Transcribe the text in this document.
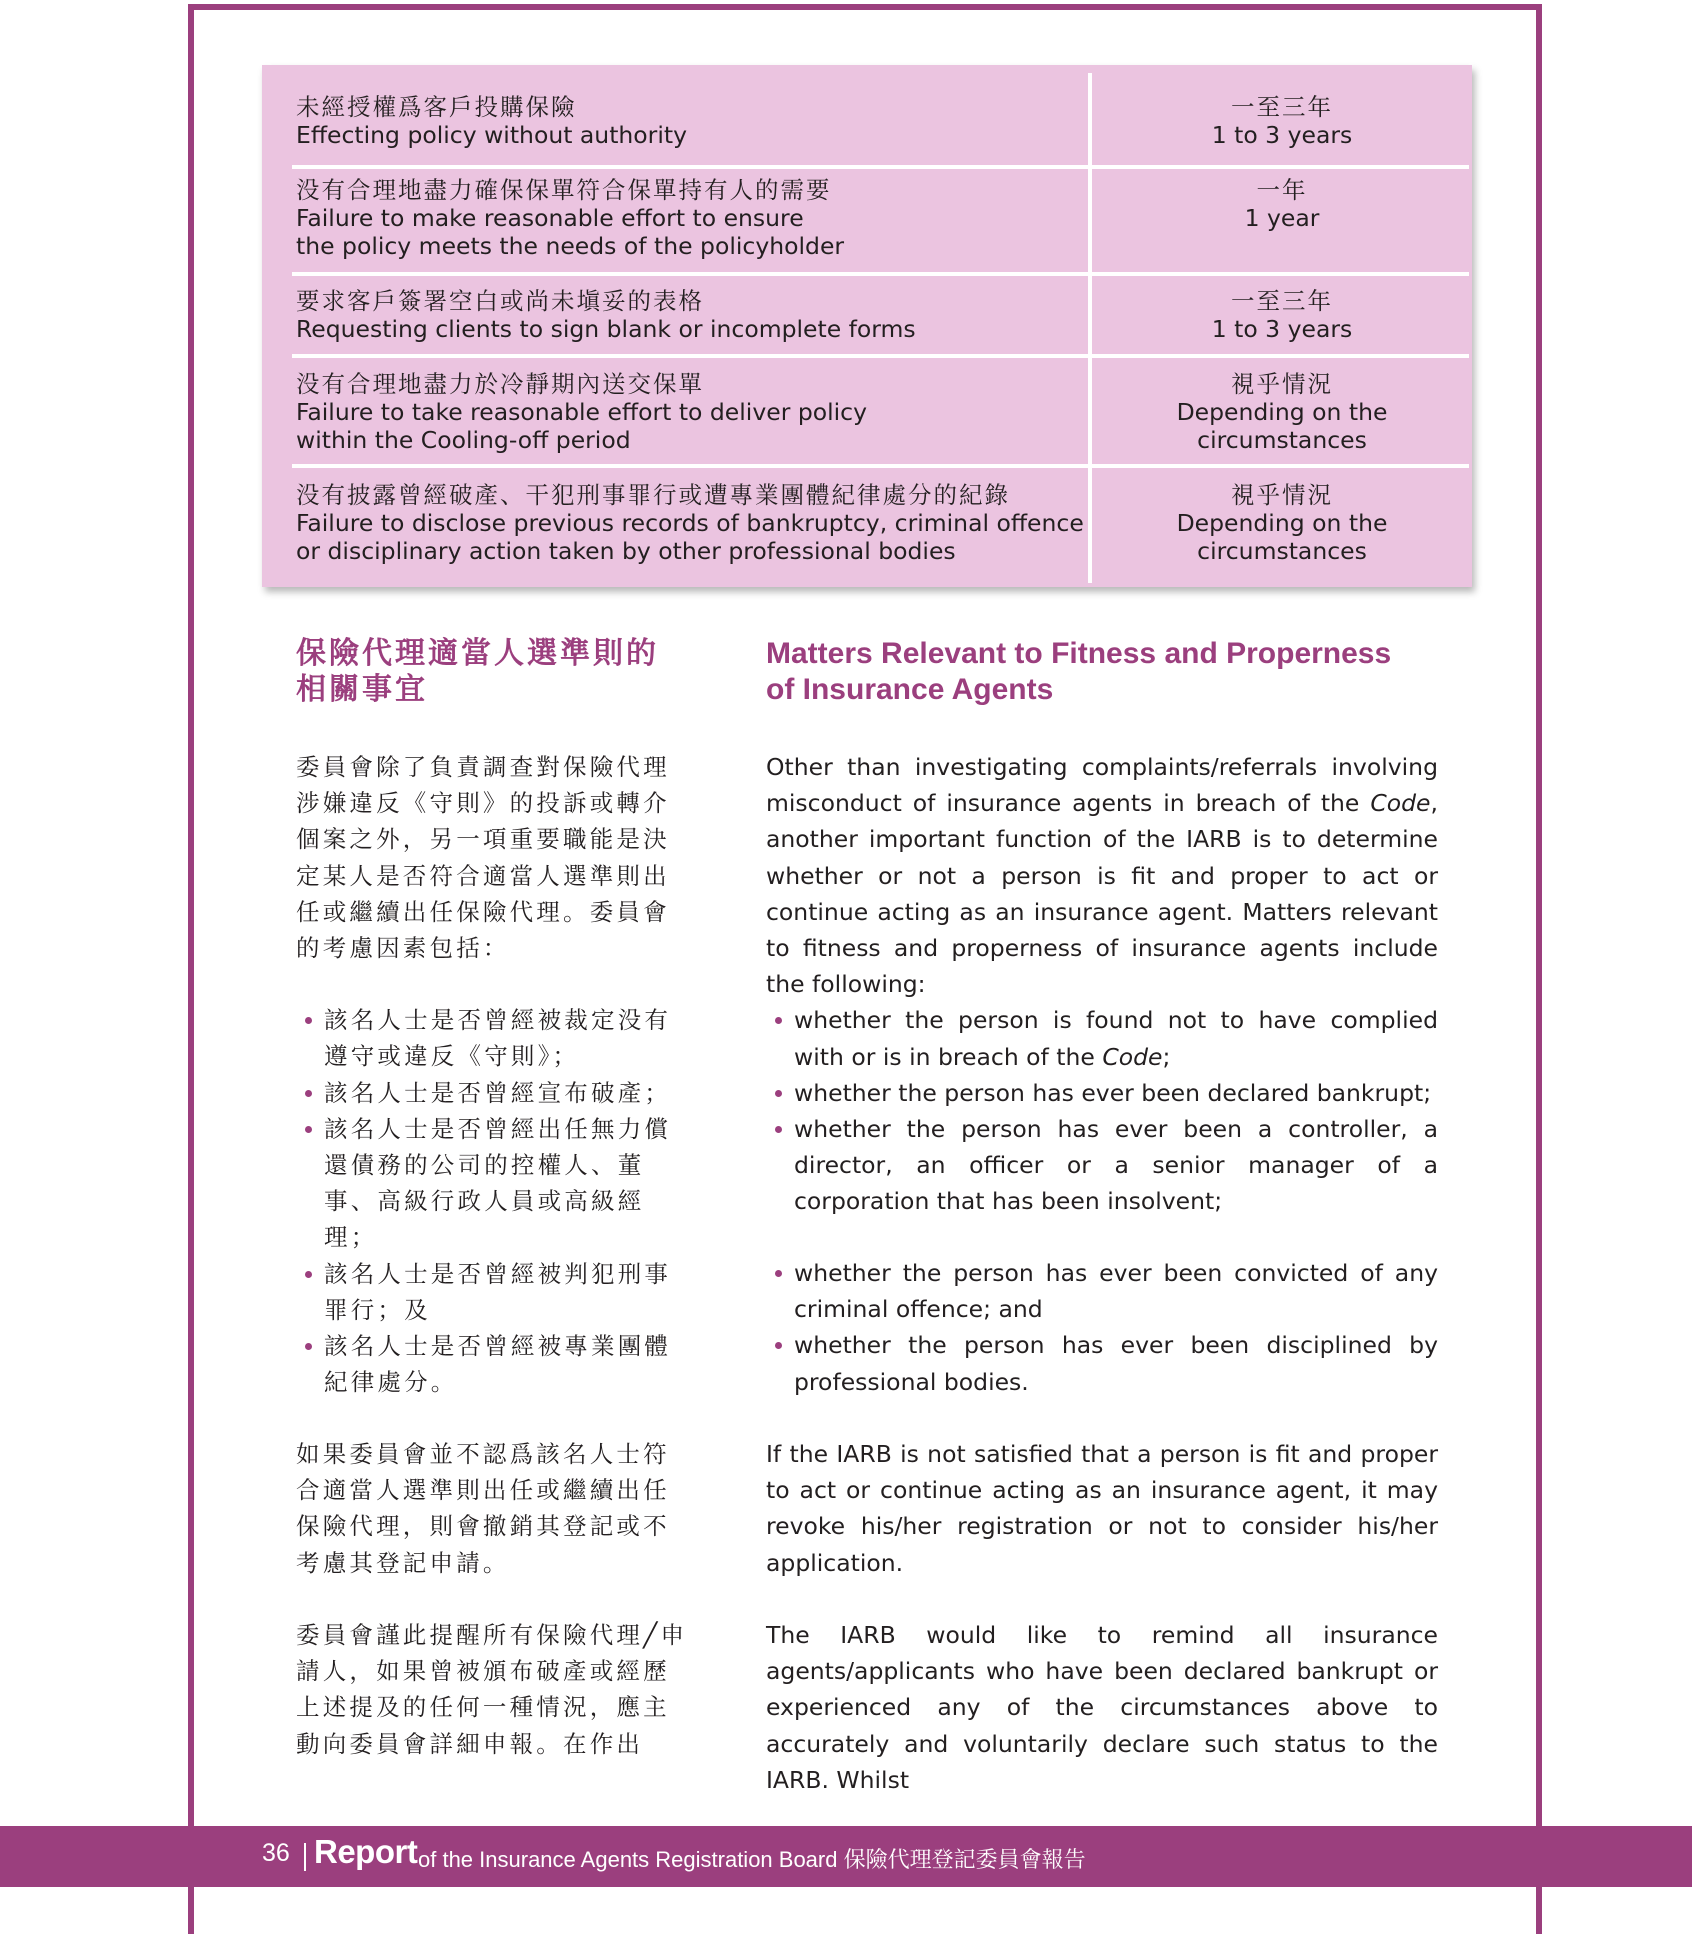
未經授權爲客戶投購保險
Effecting policy without authority
一至三年
1 to 3 years
没有合理地盡力確保保單符合保單持有人的需要
Failure to make reasonable effort to ensure
the policy meets the needs of the policyholder
一年
1 year
要求客戶簽署空白或尚未塡妥的表格
Requesting clients to sign blank or incomplete forms
一至三年
1 to 3 years
没有合理地盡力於冷靜期內送交保單
Failure to take reasonable effort to deliver policy
within the Cooling-off period
視乎情況
Depending on the
circumstances
没有披露曾經破產、干犯刑事罪行或遭專業團體紀律處分的紀錄
Failure to disclose previous records of bankruptcy, criminal offence
or disciplinary action taken by other professional bodies
視乎情況
Depending on the
circumstances
保險代理適當人選準則的
相關事宜
Matters Relevant to Fitness and Properness
of Insurance Agents

委員會除了負責調查對保險代理涉嫌違反《守則》的投訴或轉介個案之外，另一項重要職能是決定某人是否符合適當人選準則出任或繼續出任保險代理。委員會的考慮因素包括：

該名人士是否曾經被裁定没有遵守或違反《守則》；
該名人士是否曾經宣布破產；
該名人士是否曾經出任無力償還債務的公司的控權人、董事、高級行政人員或高級經理；
該名人士是否曾經被判犯刑事罪行；及
該名人士是否曾經被專業團體紀律處分。

如果委員會並不認爲該名人士符合適當人選準則出任或繼續出任保險代理，則會撤銷其登記或不考慮其登記申請。

委員會謹此提醒所有保險代理╱申請人，如果曾被頒布破產或經歷上述提及的任何一種情況，應主動向委員會詳細申報。在作出

Other than investigating complaints/referrals involving misconduct of insurance agents in breach of the Code, another important function of the IARB is to determine whether or not a person is fit and proper to act or continue acting as an insurance agent. Matters relevant to fitness and properness of insurance agents include the following:

whether the person is found not to have complied with or is in breach of the Code;
whether the person has ever been declared bankrupt;
whether the person has ever been a controller, a director, an officer or a senior manager of a corporation that has been insolvent;
whether the person has ever been convicted of any criminal offence; and
whether the person has ever been disciplined by professional bodies.

If the IARB is not satisfied that a person is fit and proper to act or continue acting as an insurance agent, it may revoke his/her registration or not to consider his/her application.

The IARB would like to remind all insurance agents/applicants who have been declared bankrupt or experienced any of the circumstances above to accurately and voluntarily declare such status to the IARB. Whilst

36 Report of the Insurance Agents Registration Board 保險代理登記委員會報告
